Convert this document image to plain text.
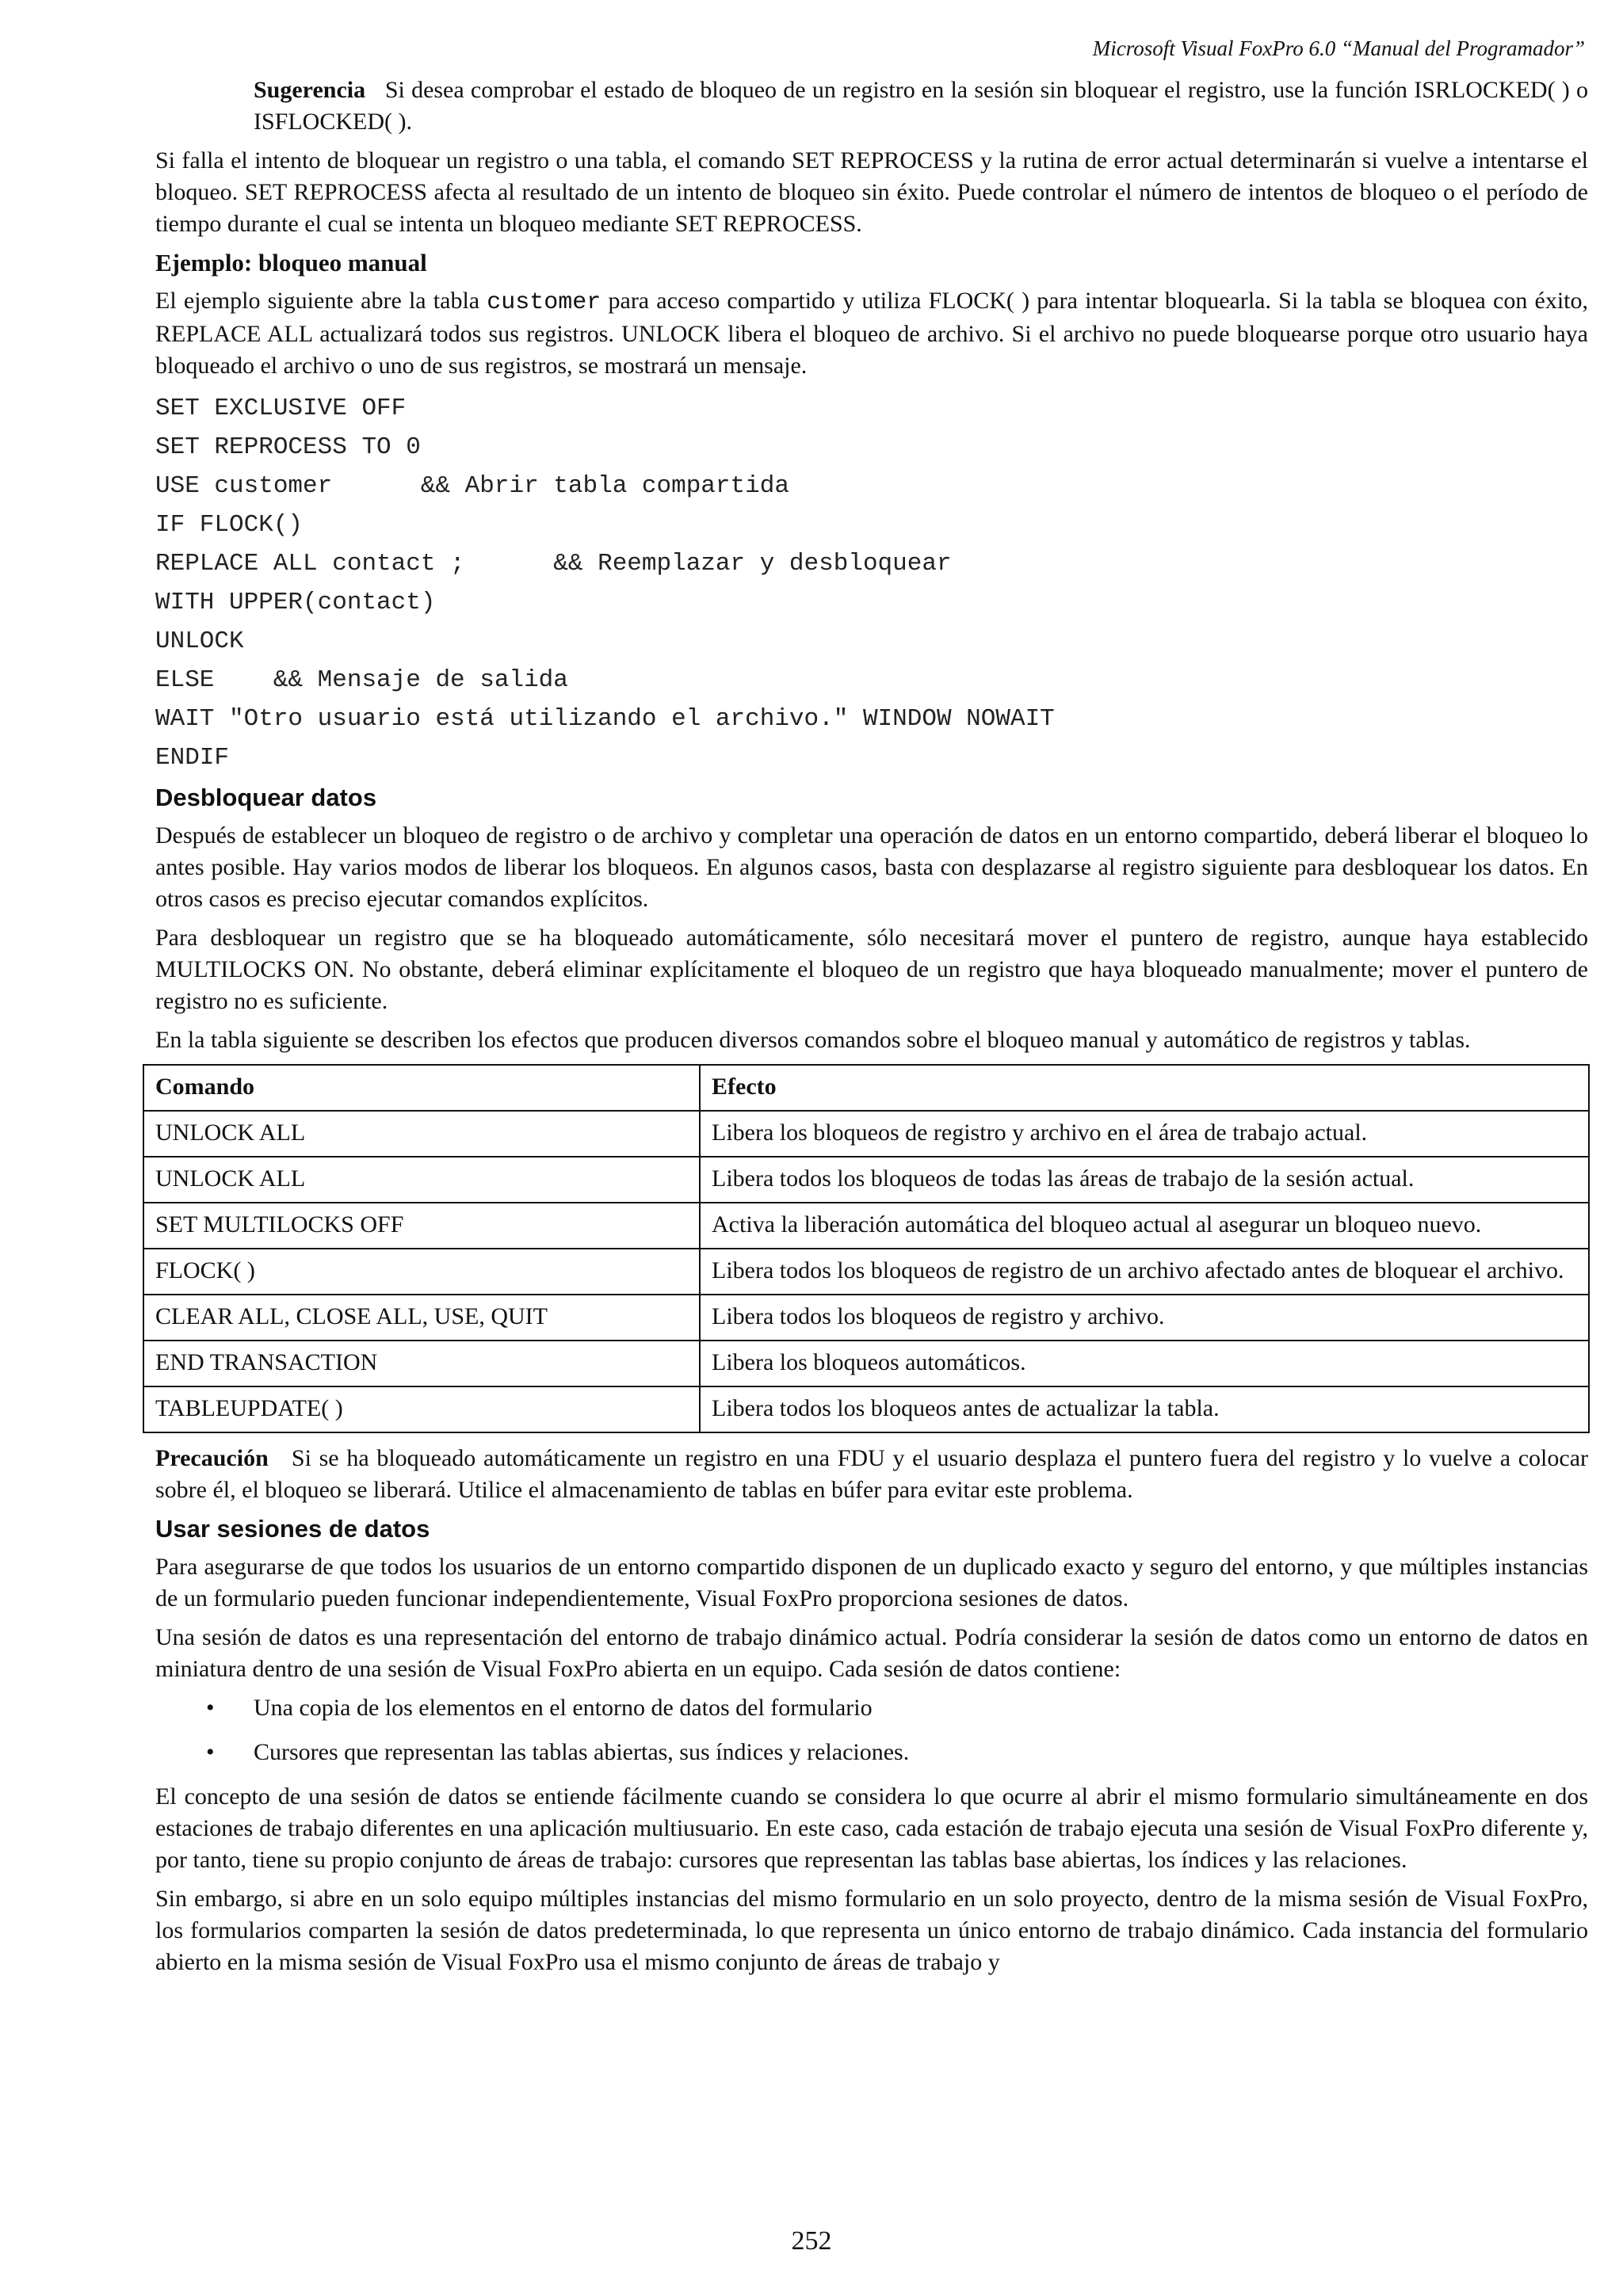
Microsoft Visual FoxPro 6.0 “Manual del Programador”

Sugerencia Si desea comprobar el estado de bloqueo de un registro en la sesión sin bloquear el registro, use la función ISRLOCKED( ) o ISFLOCKED( ).

Si falla el intento de bloquear un registro o una tabla, el comando SET REPROCESS y la rutina de error actual determinarán si vuelve a intentarse el bloqueo. SET REPROCESS afecta al resultado de un intento de bloqueo sin éxito. Puede controlar el número de intentos de bloqueo o el período de tiempo durante el cual se intenta un bloqueo mediante SET REPROCESS.

Ejemplo: bloqueo manual

El ejemplo siguiente abre la tabla customer para acceso compartido y utiliza FLOCK( ) para intentar bloquearla. Si la tabla se bloquea con éxito, REPLACE ALL actualizará todos sus registros. UNLOCK libera el bloqueo de archivo. Si el archivo no puede bloquearse porque otro usuario haya bloqueado el archivo o uno de sus registros, se mostrará un mensaje.

SET EXCLUSIVE OFF
SET REPROCESS TO 0
USE customer      && Abrir tabla compartida
IF FLOCK()
REPLACE ALL contact ;      && Reemplazar y desbloquear
WITH UPPER(contact)
UNLOCK
ELSE    && Mensaje de salida
WAIT "Otro usuario está utilizando el archivo." WINDOW NOWAIT
ENDIF
Desbloquear datos

Después de establecer un bloqueo de registro o de archivo y completar una operación de datos en un entorno compartido, deberá liberar el bloqueo lo antes posible. Hay varios modos de liberar los bloqueos. En algunos casos, basta con desplazarse al registro siguiente para desbloquear los datos. En otros casos es preciso ejecutar comandos explícitos.

Para desbloquear un registro que se ha bloqueado automáticamente, sólo necesitará mover el puntero de registro, aunque haya establecido MULTILOCKS ON. No obstante, deberá eliminar explícitamente el bloqueo de un registro que haya bloqueado manualmente; mover el puntero de registro no es suficiente.

En la tabla siguiente se describen los efectos que producen diversos comandos sobre el bloqueo manual y automático de registros y tablas.

Comando	Efecto
UNLOCK ALL	Libera los bloqueos de registro y archivo en el área de trabajo actual.
UNLOCK ALL	Libera todos los bloqueos de todas las áreas de trabajo de la sesión actual.
SET MULTILOCKS OFF	Activa la liberación automática del bloqueo actual al asegurar un bloqueo nuevo.
FLOCK( )	Libera todos los bloqueos de registro de un archivo afectado antes de bloquear el archivo.
CLEAR ALL, CLOSE ALL, USE, QUIT	Libera todos los bloqueos de registro y archivo.
END TRANSACTION	Libera los bloqueos automáticos.
TABLEUPDATE( )	Libera todos los bloqueos antes de actualizar la tabla.

Precaución Si se ha bloqueado automáticamente un registro en una FDU y el usuario desplaza el puntero fuera del registro y lo vuelve a colocar sobre él, el bloqueo se liberará. Utilice el almacenamiento de tablas en búfer para evitar este problema.

Usar sesiones de datos

Para asegurarse de que todos los usuarios de un entorno compartido disponen de un duplicado exacto y seguro del entorno, y que múltiples instancias de un formulario pueden funcionar independientemente, Visual FoxPro proporciona sesiones de datos.

Una sesión de datos es una representación del entorno de trabajo dinámico actual. Podría considerar la sesión de datos como un entorno de datos en miniatura dentro de una sesión de Visual FoxPro abierta en un equipo. Cada sesión de datos contiene:

• Una copia de los elementos en el entorno de datos del formulario
• Cursores que representan las tablas abiertas, sus índices y relaciones.

El concepto de una sesión de datos se entiende fácilmente cuando se considera lo que ocurre al abrir el mismo formulario simultáneamente en dos estaciones de trabajo diferentes en una aplicación multiusuario. En este caso, cada estación de trabajo ejecuta una sesión de Visual FoxPro diferente y, por tanto, tiene su propio conjunto de áreas de trabajo: cursores que representan las tablas base abiertas, los índices y las relaciones.

Sin embargo, si abre en un solo equipo múltiples instancias del mismo formulario en un solo proyecto, dentro de la misma sesión de Visual FoxPro, los formularios comparten la sesión de datos predeterminada, lo que representa un único entorno de trabajo dinámico. Cada instancia del formulario abierto en la misma sesión de Visual FoxPro usa el mismo conjunto de áreas de trabajo y

252
